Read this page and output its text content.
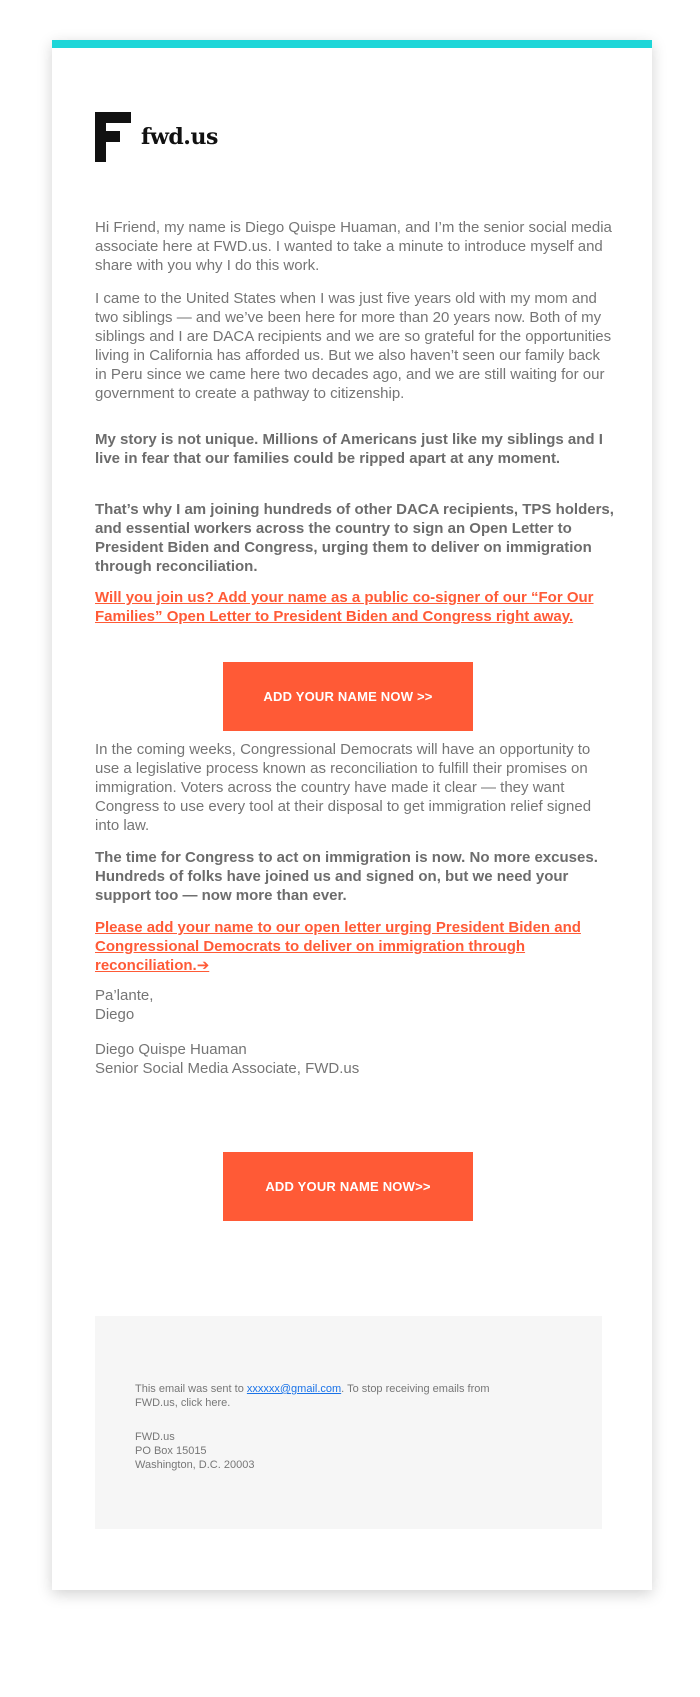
fwd.us

Hi Friend, my name is Diego Quispe Huaman, and I’m the senior social media associate here at FWD.us. I wanted to take a minute to introduce myself and share with you why I do this work.

I came to the United States when I was just five years old with my mom and two siblings — and we’ve been here for more than 20 years now. Both of my siblings and I are DACA recipients and we are so grateful for the opportunities living in California has afforded us. But we also haven’t seen our family back in Peru since we came here two decades ago, and we are still waiting for our government to create a pathway to citizenship.

My story is not unique. Millions of Americans just like my siblings and I live in fear that our families could be ripped apart at any moment.

That’s why I am joining hundreds of other DACA recipients, TPS holders, and essential workers across the country to sign an Open Letter to President Biden and Congress, urging them to deliver on immigration through reconciliation.

Will you join us? Add your name as a public co-signer of our “For Our Families” Open Letter to President Biden and Congress right away.

ADD YOUR NAME NOW >>

In the coming weeks, Congressional Democrats will have an opportunity to use a legislative process known as reconciliation to fulfill their promises on immigration. Voters across the country have made it clear — they want Congress to use every tool at their disposal to get immigration relief signed into law.

The time for Congress to act on immigration is now. No more excuses. Hundreds of folks have joined us and signed on, but we need your support too — now more than ever.

Please add your name to our open letter urging President Biden and Congressional Democrats to deliver on immigration through reconciliation.➔

Pa’lante,

Diego

Diego Quispe Huaman

Senior Social Media Associate, FWD.us

ADD YOUR NAME NOW>>

This email was sent to xxxxxx@gmail.com. To stop receiving emails from FWD.us, click here.

FWD.us

PO Box 15015

Washington, D.C. 20003
